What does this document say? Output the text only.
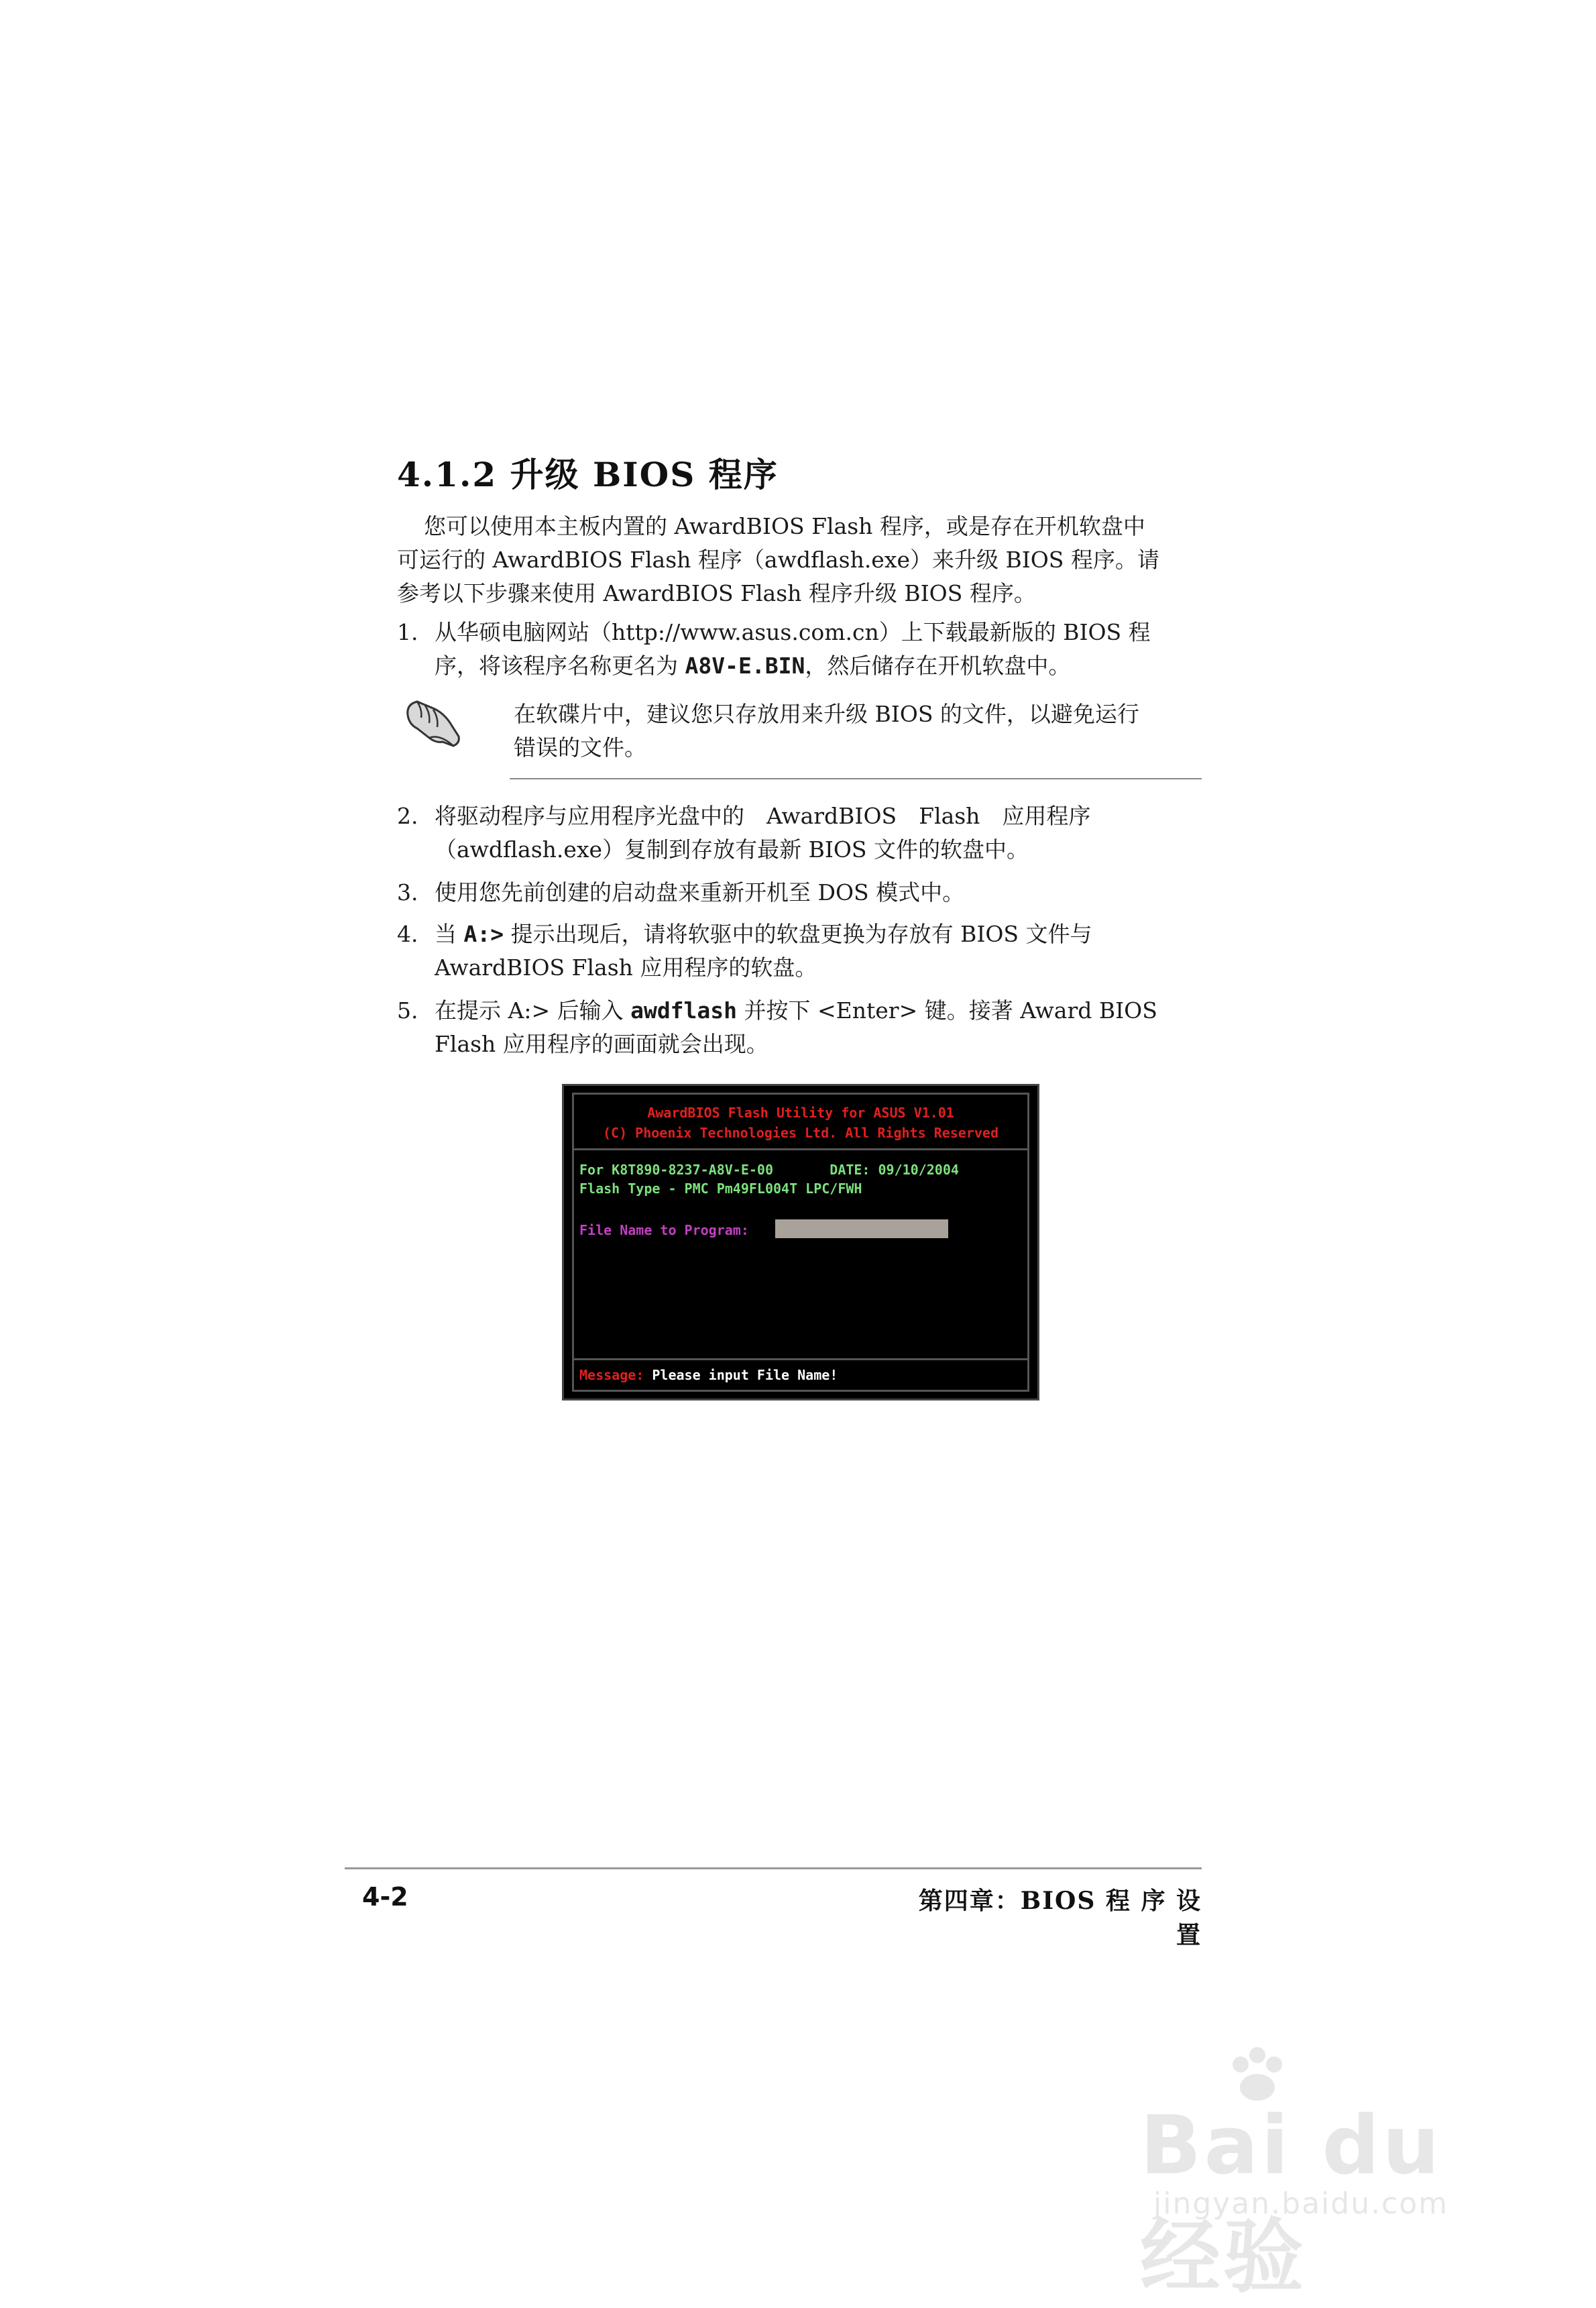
4.1.2 升级 BIOS 程序
您可以使用本主板内置的 AwardBIOS Flash 程序，或是存在开机软盘中
可运行的 AwardBIOS Flash 程序（awdflash.exe）来升级 BIOS 程序。请
参考以下步骤来使用 AwardBIOS Flash 程序升级 BIOS 程序。
1. 从华硕电脑网站（http://www.asus.com.cn）上下载最新版的 BIOS 程
序，将该程序名称更名为 A8V-E.BIN，然后储存在开机软盘中。
在软碟片中，建议您只存放用来升级 BIOS 的文件，以避免运行
错误的文件。
2. 将驱动程序与应用程序光盘中的　AwardBIOS　Flash　应用程序
（awdflash.exe）复制到存放有最新 BIOS 文件的软盘中。
3. 使用您先前创建的启动盘来重新开机至 DOS 模式中。
4. 当 A:> 提示出现后，请将软驱中的软盘更换为存放有 BIOS 文件与
AwardBIOS Flash 应用程序的软盘。
5. 在提示 A:> 后输入 awdflash 并按下 <Enter> 键。接著 Award BIOS
Flash 应用程序的画面就会出现。
AwardBIOS Flash Utility for ASUS V1.01
(C) Phoenix Technologies Ltd. All Rights Reserved
For K8T890-8237-A8V-E-00       DATE: 09/10/2004
Flash Type - PMC Pm49FL004T LPC/FWH
File Name to Program:
Message: Please input File Name!
4-2	第四章：BIOS 程 序 设 置
Bai du 经验
jingyan.baidu.com
